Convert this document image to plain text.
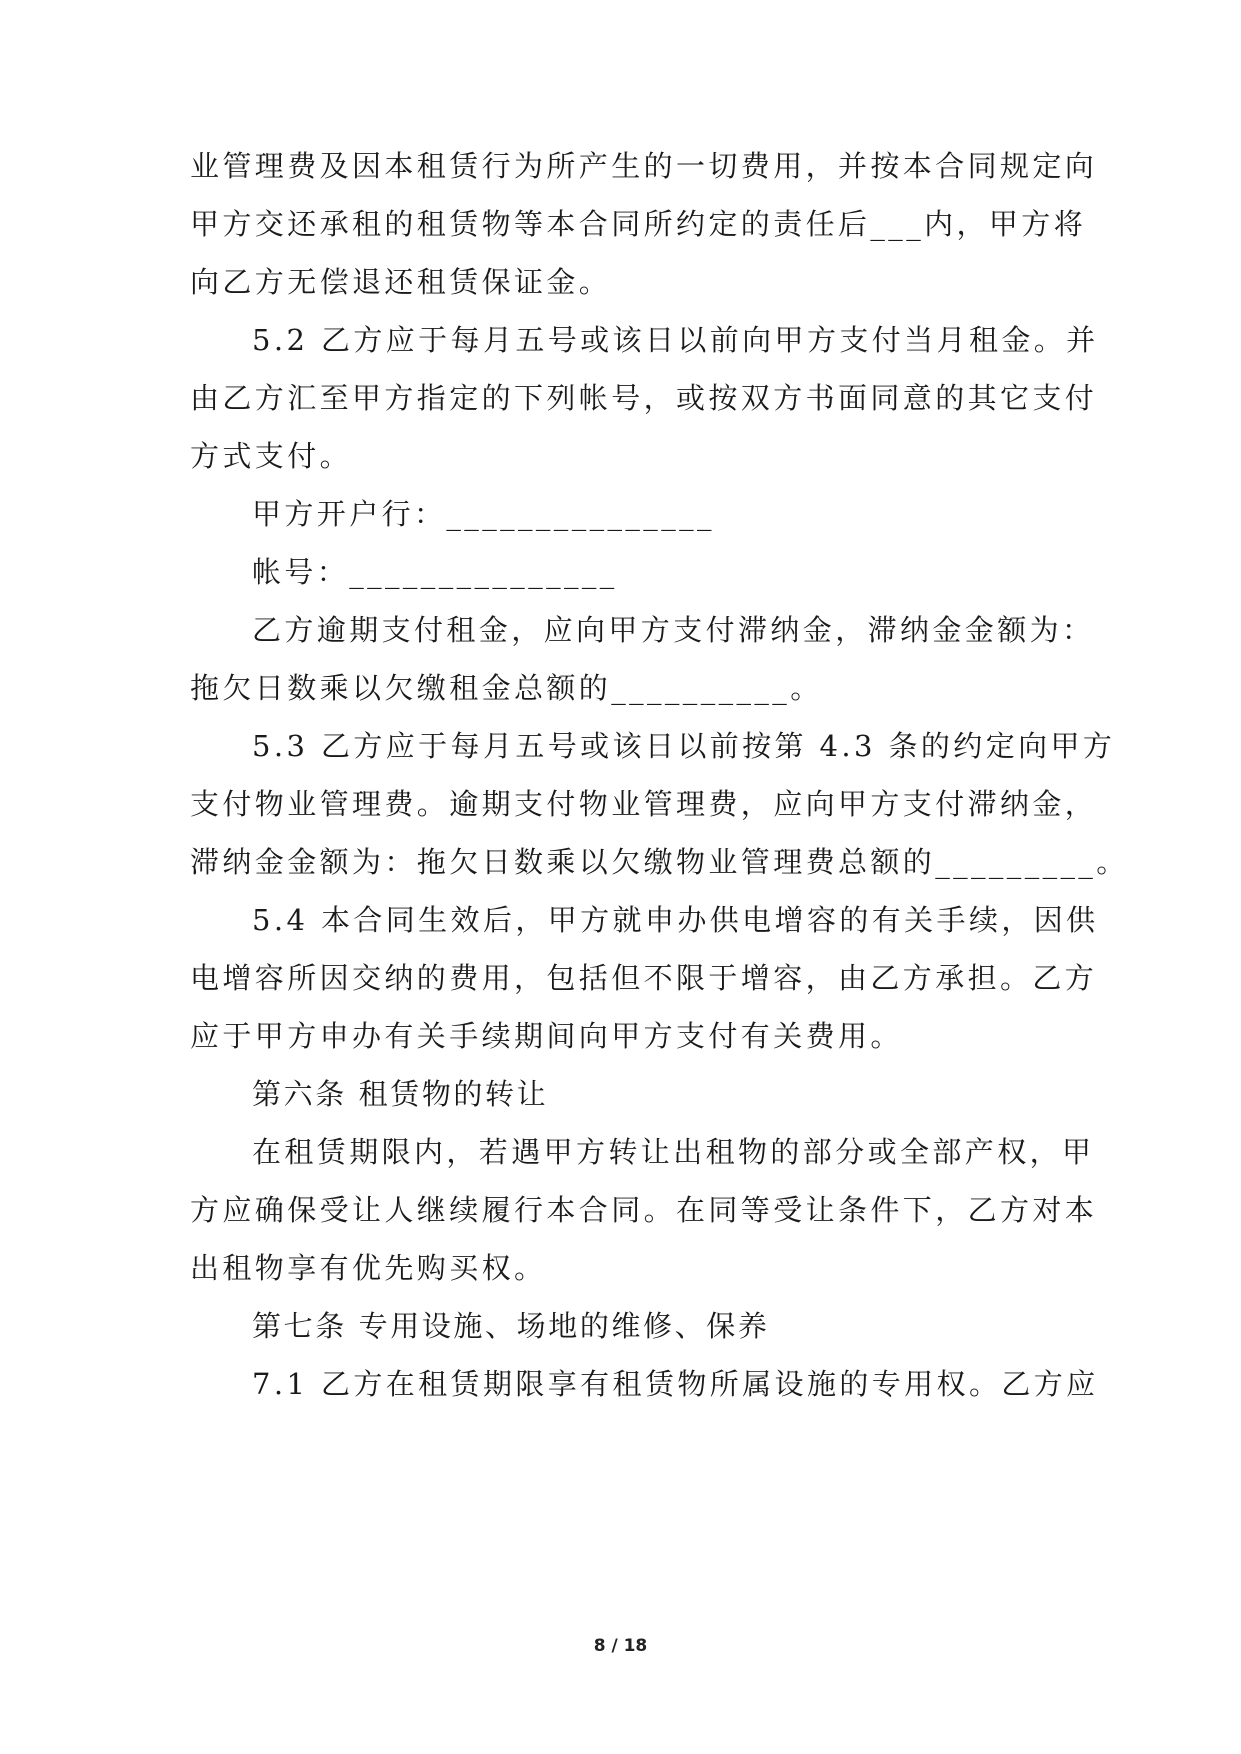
业管理费及因本租赁行为所产生的一切费用，并按本合同规定向

甲方交还承租的租赁物等本合同所约定的责任后___内，甲方将

向乙方无偿退还租赁保证金。

5.2 乙方应于每月五号或该日以前向甲方支付当月租金。并

由乙方汇至甲方指定的下列帐号，或按双方书面同意的其它支付

方式支付。

甲方开户行：_______________

帐号：_______________

乙方逾期支付租金，应向甲方支付滞纳金，滞纳金金额为：

拖欠日数乘以欠缴租金总额的__________。

5.3 乙方应于每月五号或该日以前按第 4.3 条的约定向甲方

支付物业管理费。逾期支付物业管理费，应向甲方支付滞纳金，

滞纳金金额为：拖欠日数乘以欠缴物业管理费总额的_________。

5.4 本合同生效后，甲方就申办供电增容的有关手续，因供

电增容所因交纳的费用，包括但不限于增容，由乙方承担。乙方

应于甲方申办有关手续期间向甲方支付有关费用。

第六条 租赁物的转让

在租赁期限内，若遇甲方转让出租物的部分或全部产权，甲

方应确保受让人继续履行本合同。在同等受让条件下，乙方对本

出租物享有优先购买权。

第七条 专用设施、场地的维修、保养

7.1 乙方在租赁期限享有租赁物所属设施的专用权。乙方应

8 / 18
